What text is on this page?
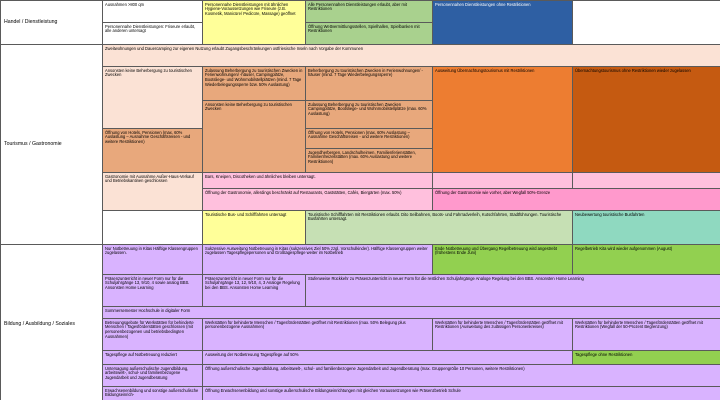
Handel / Dienstleistung	Ausnahmen >800 qm	Personennahe Dienstleistungen mit ähnlichen Hygiene-Voraussetzungen wie Friseure (z.B. Kosmetik, Manicüre/ Pedicüre, Massage) geöffnet	Alle Personennahen Dienstleistungen erlaubt, aber mit Restriktionen	Personennahen Dienstleistungen ohne Restriktionen		
	Personennahe Dienstleistungen: Friseure erlaubt, alle anderen untersagt		Öffnung Wettvermittlungsstellen, Spielhallen, Spielbanken mit Restriktionen			
Tourismus / Gastronomie	Zweitwohnungen und Dauercamping zur eigenen Nutzung erlaubt Zugangsbeschränkungen ostfriesische Inseln nach Vorgabe der Kommunen					
	Ansonsten keine Beherbergung zu touristischen Zwecken	Zulassung Beherbergung zu touristischen Zwecken in Ferienwohnungen/ -häuser, Campingplätze, Bootsliege- und Wohnmobilstellplätzen (mind. 7 Tage Wiederbelegungssperre bzw. 50% Auslastung)	Beherbergung zu touristischen Zwecken in Ferienwohnungen/ -häuser (mind. 7 Tage Wiederbelegungssperre)	Ausweitung Übernachtungstourismus mit Restriktionen	Übernachtungstourismus ohne Restriktionen wieder zugelassen	
		Ansonsten keine Beherbergung zu touristischen Zwecken	Zulassung Beherbergung zu touristischen Zwecken Campingplätze, Bootsliege- und Wohnmobilstellplätze (max. 60% Auslastung)			
	Öffnung von Hotels, Pensionen (max. 60% Auslastung – Ausnahme Geschäftsreisen - und weitere Restriktionen)		Öffnung von Hotels, Pensionen (max. 60% Auslastung – Ausnahme Geschäftsreisen - und weitere Restriktionen)			
			Jugendherbergen, Landschulheimen, Familienferienstätten, Familienfreizeitstätten (max. 60% Auslastung und weitere Restriktionen)			
	Gastronomie mit Ausnahme Außer-Haus-Verkauf und Betriebskantinen geschlossen	Bars, Kneipen, Discotheken und ähnliches bleiben untersagt.				
		Öffnung der Gastronomie, allerdings beschränkt auf Restaurants, Gaststätten, Cafés, Biergärten (max. 50%)		Öffnung der Gastronomie wie vorher, aber Wegfall 50%-Grenze		
		Touristische Bus- und Schifffahrten untersagt	Touristische Schifffahrten mit Restriktionen erlaubt. Dito Seilbahnen, Boots- und Fahrradverleih, Kutschfahrten, Stadtführungen. Touristische Busfahrten untersagt.		Neubewertung touristische Busfahrten	
Bildung / Ausbildung / Soziales	Nur Notbetreuung in Kitas Hälftige Klassengruppen zugelassen.	Sukzessive Ausweitung Notbetreuung in Kitas (sukzessives Ziel 50% zzgl. Vorschulkinder). Hälftige Klassengruppen weiter zugelassen Tagespflegepersonen und Großtagespflege weiter im Notbetrieb		Ende Notbetreuung und Übergang Regelbetreuung wird angestrebt (frühestens Ende Juni)	Regelbetrieb Kita wird wieder aufgenommen (August)	
	Präsenzunterricht in neuer Form nur für die Schuljahrgänge 13, 9/10, 4 sowie analog BBS. Ansonsten Home Learning	Präsenzunterricht in neuer Form nur für die Schuljahrgänge 13, 12, 9/10, 4, 3 Analoge Regelung bei den BBS. Ansonsten Home Learning	Stufenweise Rückkehr zu Präsenzunterricht in neuer Form für die restlichen Schuljahrgänge Analoge Regelung bei den BBS. Ansonsten Home Learning			
	Sommersemester Hochschule in digitaler Form					
	Betreuungsgebote für Werkstätten für behinderte Menschen / Tagesförderstätten geschlossen (mit personenbezogenen und betriebsbedingten Ausnahmen)	Werkstätten für behinderte Menschen / Tagesförderstätten geöffnet mit Restriktionen (max. 50% Belegung plus personenbezogene Ausnahmen)		Werkstätten für behinderte Menschen / Tagesförderstätten geöffnet mit Restriktionen (Ausweitung des zulässigen Personenkreises)	Werkstätten für behinderte Menschen / Tagesförderstätten geöffnet mit Restriktionen (Wegfall der 50-Prozent Begrenzung)	
	Tagespflege auf Notbetreuung reduziert	Ausweitung der Notbetreuung Tagespflege auf 50%			Tagespflege ohne Restriktionen	
	Untersagung außerschulische Jugendbildung, arbeitswelt-, schul- und familienbezogene Jugendarbeit und Jugendberatung	Öffnung außerschulische Jugendbildung, arbeitswelt-, schul- und familienbezogene Jugendarbeit und Jugendberatung (max. Gruppengröße 10 Personen, weitere Restriktionen)				
	Erwachsenenbildung und sonstige außerschulische Bildungseinrich-	Öffnung Erwachsenenbildung und sonstige außerschulische Bildungseinrichtungen mit gleichen Voraussetzungen wie Präsenzbetrieb Schule				
